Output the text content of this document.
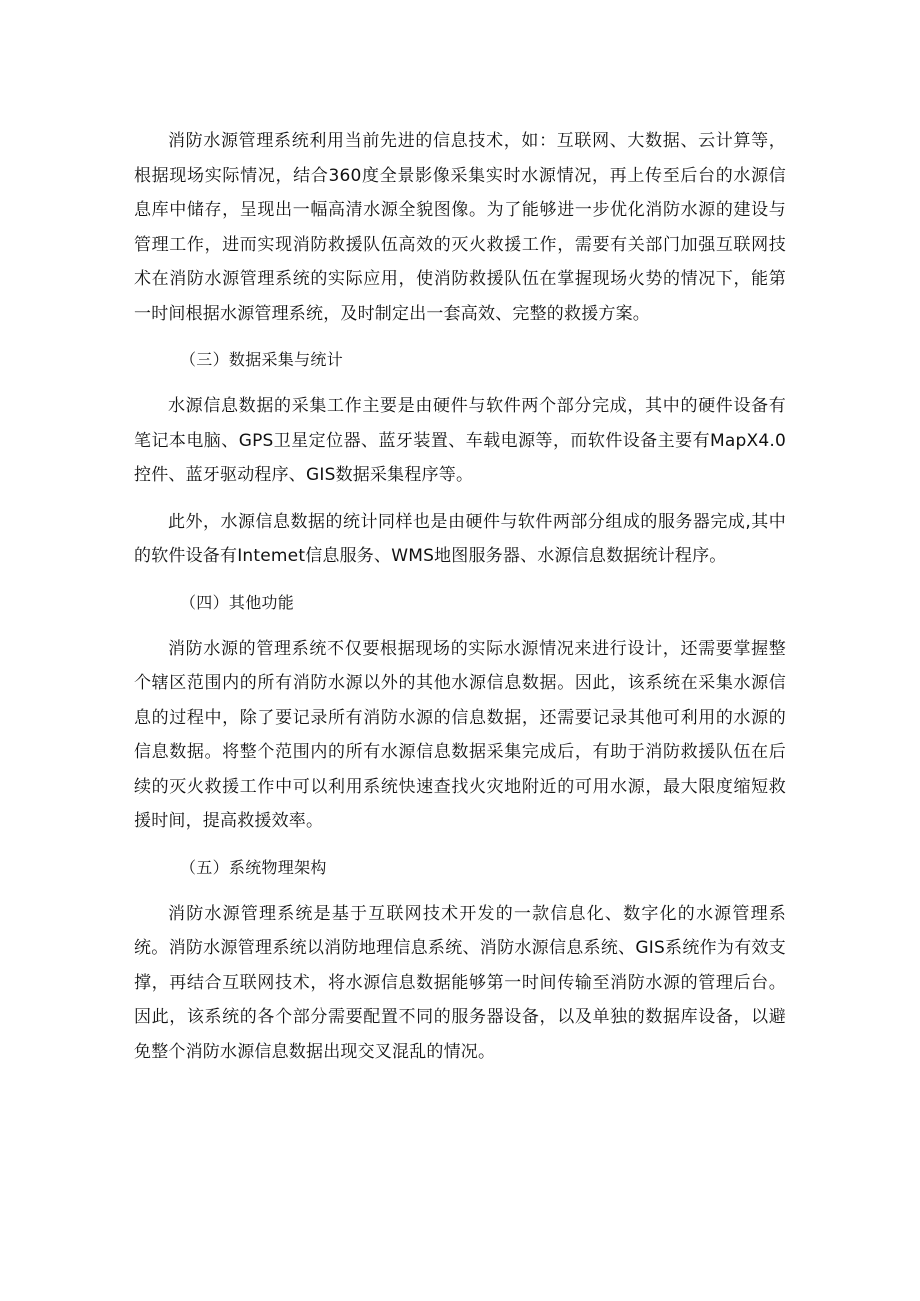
消防水源管理系统利用当前先进的信息技术，如：互联网、大数据、云计算等，根据现场实际情况，结合360度全景影像采集实时水源情况，再上传至后台的水源信息库中储存，呈现出一幅高清水源全貌图像。为了能够进一步优化消防水源的建设与管理工作，进而实现消防救援队伍高效的灭火救援工作，需要有关部门加强互联网技术在消防水源管理系统的实际应用，使消防救援队伍在掌握现场火势的情况下，能第一时间根据水源管理系统，及时制定出一套高效、完整的救援方案。

（三）数据采集与统计

水源信息数据的采集工作主要是由硬件与软件两个部分完成，其中的硬件设备有笔记本电脑、GPS卫星定位器、蓝牙装置、车载电源等，而软件设备主要有MapX4.0控件、蓝牙驱动程序、GIS数据采集程序等。

此外，水源信息数据的统计同样也是由硬件与软件两部分组成的服务器完成,其中的软件设备有Intemet信息服务、WMS地图服务器、水源信息数据统计程序。

（四）其他功能

消防水源的管理系统不仅要根据现场的实际水源情况来进行设计，还需要掌握整个辖区范围内的所有消防水源以外的其他水源信息数据。因此，该系统在采集水源信息的过程中，除了要记录所有消防水源的信息数据，还需要记录其他可利用的水源的信息数据。将整个范围内的所有水源信息数据采集完成后，有助于消防救援队伍在后续的灭火救援工作中可以利用系统快速查找火灾地附近的可用水源，最大限度缩短救援时间，提高救援效率。

（五）系统物理架构

消防水源管理系统是基于互联网技术开发的一款信息化、数字化的水源管理系统。消防水源管理系统以消防地理信息系统、消防水源信息系统、GIS系统作为有效支撑，再结合互联网技术，将水源信息数据能够第一时间传输至消防水源的管理后台。因此，该系统的各个部分需要配置不同的服务器设备，以及单独的数据库设备，以避免整个消防水源信息数据出现交叉混乱的情况。
